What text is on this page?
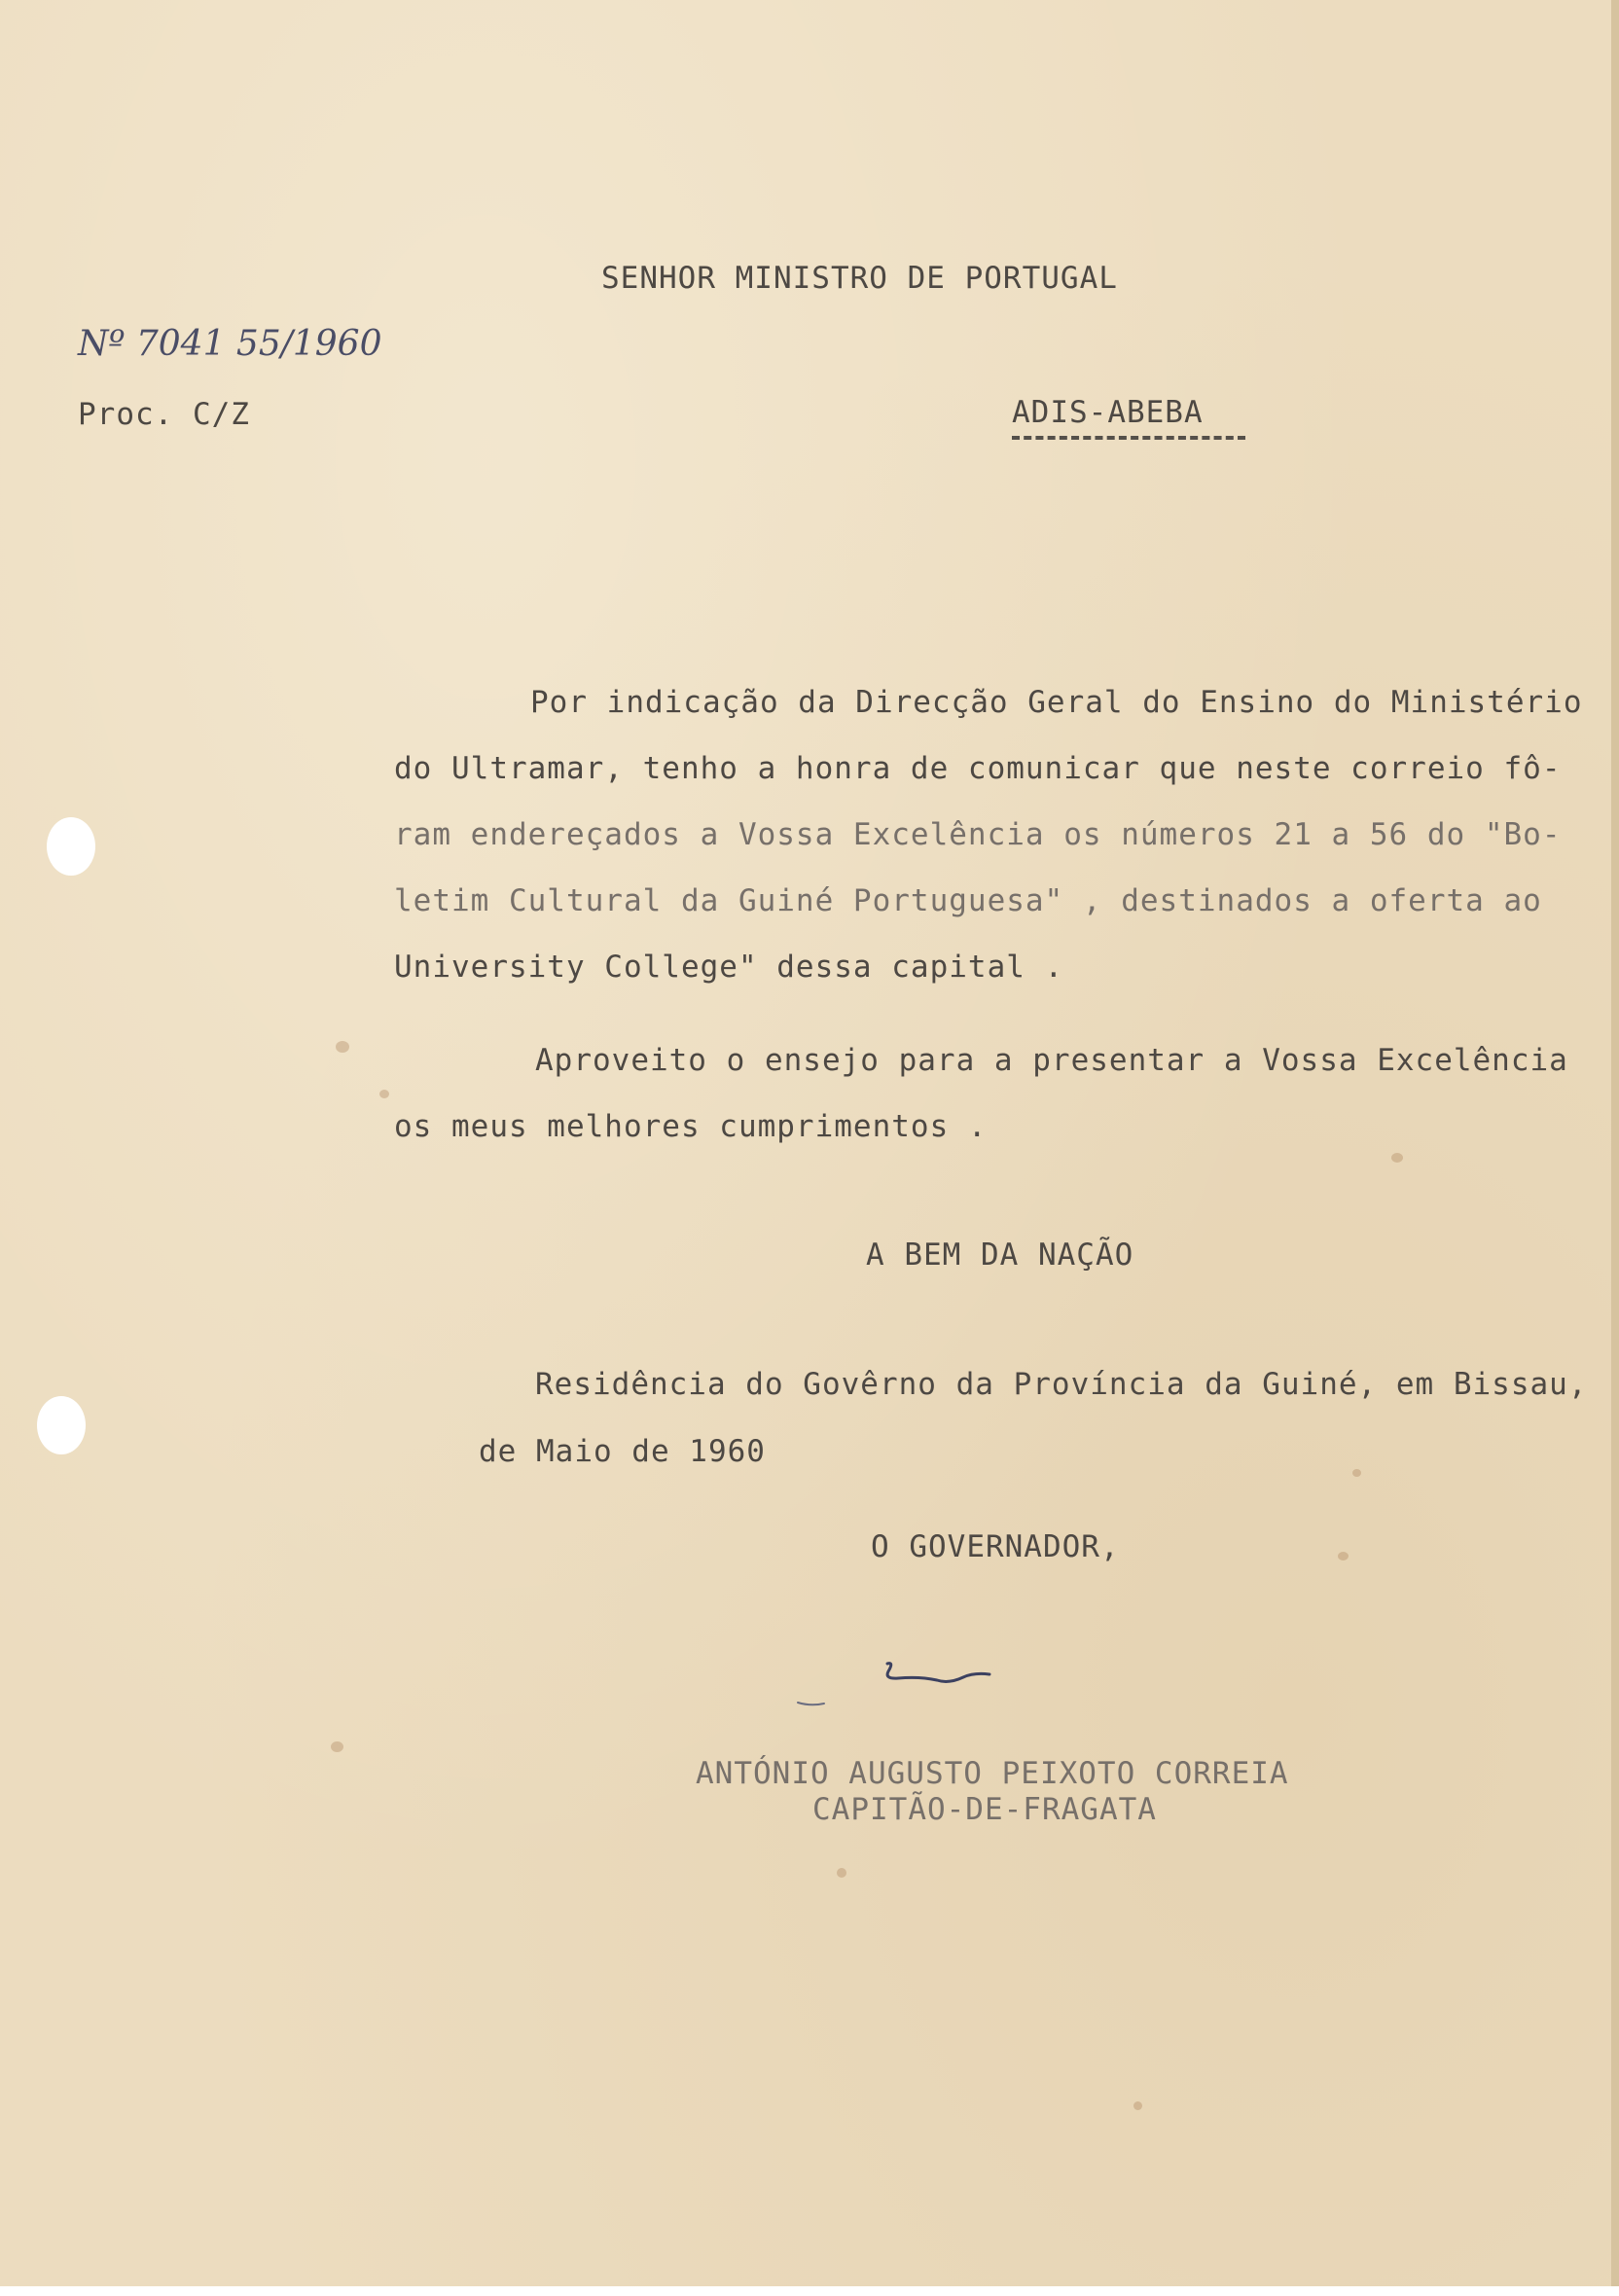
SENHOR MINISTRO DE PORTUGAL
Nº 7041 55/1960
Proc. C/Z	ADIS-ABEBA
Por indicação da Direcção Geral do Ensino do Ministério
do Ultramar, tenho a honra de comunicar que neste correio fô-
ram endereçados a Vossa Excelência os números 21 a 56 do "Bo-
letim Cultural da Guiné Portuguesa" , destinados a oferta ao
University College" dessa capital .
Aproveito o ensejo para a presentar a Vossa Excelência
os meus melhores cumprimentos .
A BEM DA NAÇÃO
Residência do Govêrno da Província da Guiné, em Bissau,
de Maio de 1960
O GOVERNADOR,
ANTÓNIO AUGUSTO PEIXOTO CORREIA
CAPITÃO-DE-FRAGATA
